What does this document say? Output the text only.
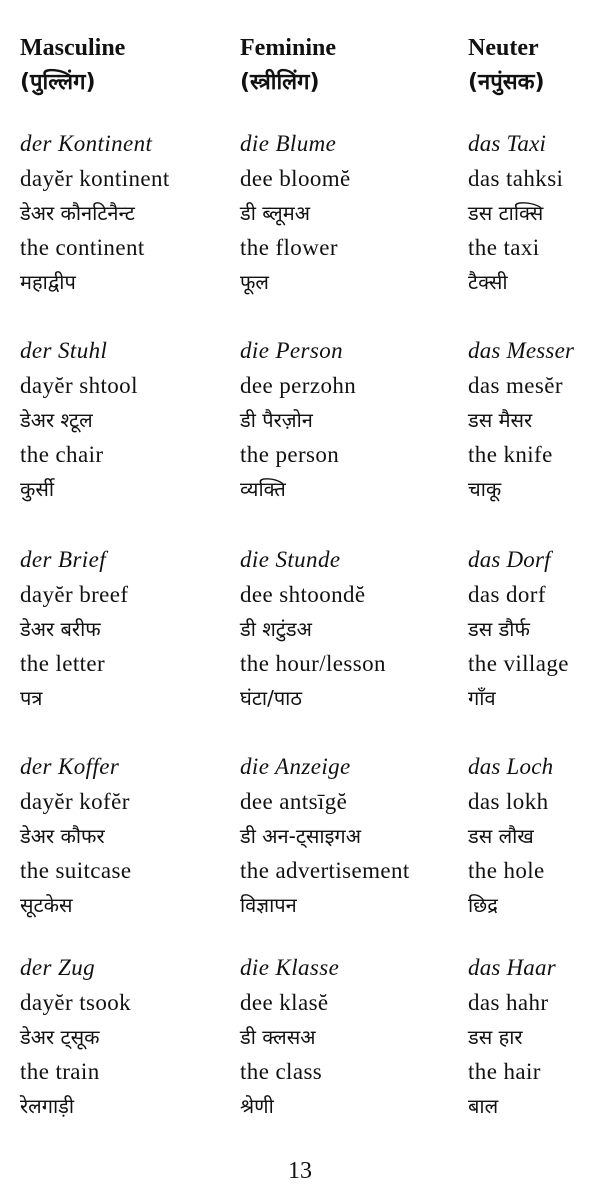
Masculine
(पुल्लिंग)
Feminine
(स्त्रीलिंग)
Neuter
(नपुंसक)
der Kontinent
dayĕr kontinent
डेअर कौनटिनैन्ट
the continent
महाद्वीप
die Blume
dee bloomĕ
डी ब्लूमअ
the flower
फूल
das Taxi
das tahksi
डस टाक्सि
the taxi
टैक्सी
der Stuhl
dayĕr shtool
डेअर श्टूल
the chair
कुर्सी
die Person
dee perzohn
डी पैरज़ोन
the person
व्यक्ति
das Messer
das mesĕr
डस मैसर
the knife
चाकू
der Brief
dayĕr breef
डेअर बरीफ
the letter
पत्र
die Stunde
dee shtoondĕ
डी शटुंडअ
the hour/lesson
घंटा/पाठ
das Dorf
das dorf
डस डौर्फ
the village
गाँव
der Koffer
dayĕr kofĕr
डेअर कौफर
the suitcase
सूटकेस
die Anzeige
dee antsīgĕ
डी अन-ट्साइगअ
the advertisement
विज्ञापन
das Loch
das lokh
डस लौख
the hole
छिद्र
der Zug
dayĕr tsook
डेअर ट्सूक
the train
रेलगाड़ी
die Klasse
dee klasĕ
डी क्लसअ
the class
श्रेणी
das Haar
das hahr
डस हार
the hair
बाल
13
